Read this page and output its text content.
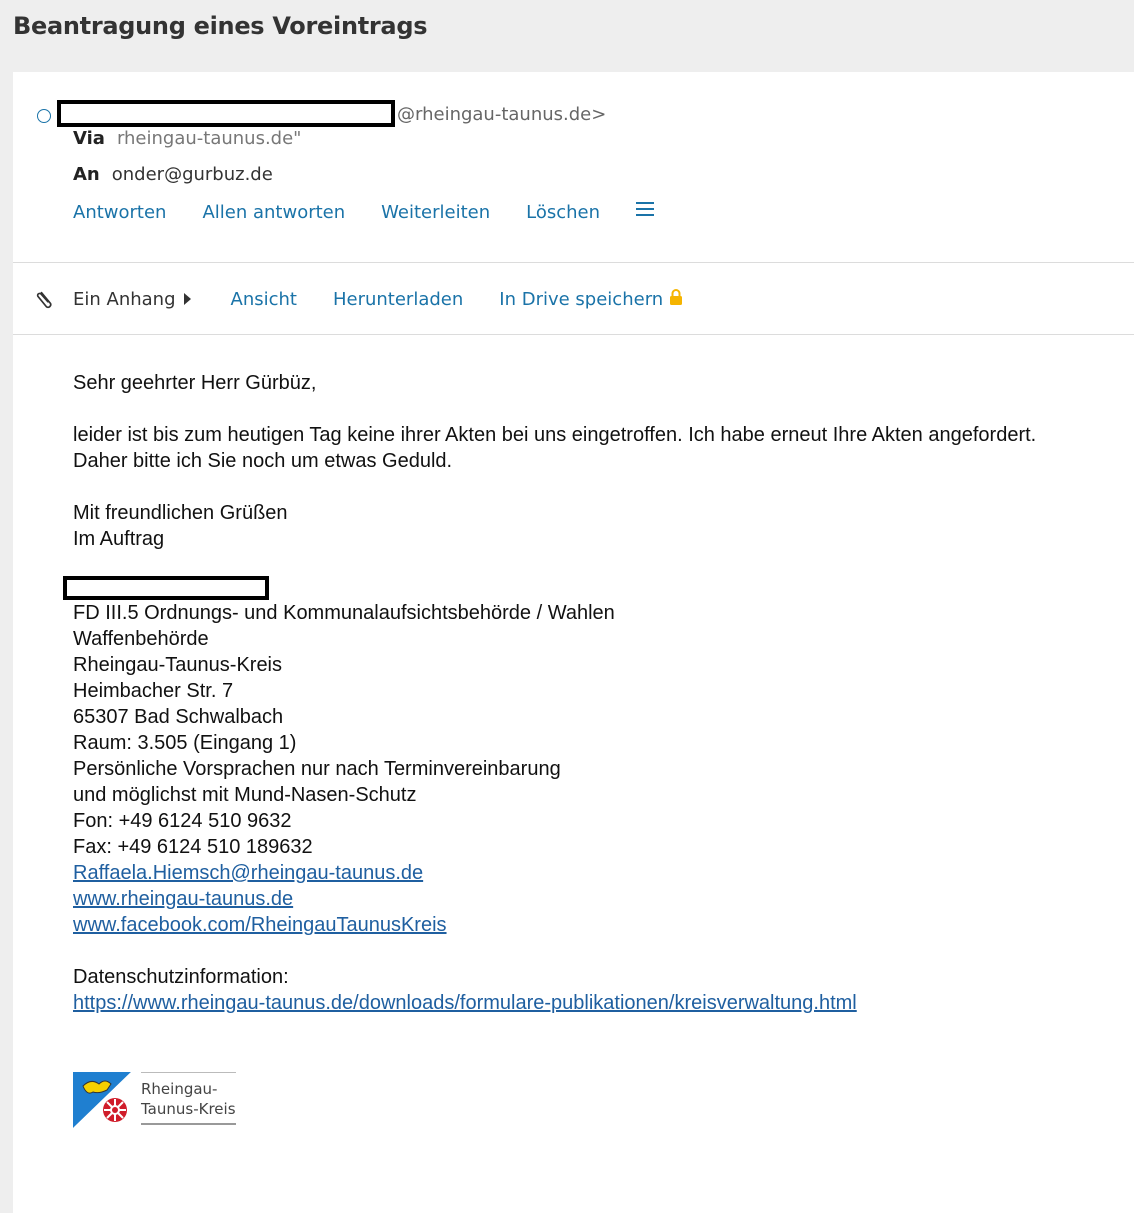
Beantragung eines Voreintrags
@rheingau-taunus.de>
Via rheingau-taunus.de"
An onder@gurbuz.de
Antworten Allen antworten Weiterleiten Löschen
Ein Anhang	Ansicht Herunterladen In Drive speichern

Sehr geehrter Herr Gürbüz,

leider ist bis zum heutigen Tag keine ihrer Akten bei uns eingetroffen. Ich habe erneut Ihre Akten angefordert.

Daher bitte ich Sie noch um etwas Geduld.

Mit freundlichen Grüßen

Im Auftrag

FD III.5 Ordnungs- und Kommunalaufsichtsbehörde / Wahlen

Waffenbehörde

Rheingau-Taunus-Kreis

Heimbacher Str. 7

65307 Bad Schwalbach

Raum: 3.505 (Eingang 1)

Persönliche Vorsprachen nur nach Terminvereinbarung

und möglichst mit Mund-Nasen-Schutz

Fon: +49 6124 510 9632

Fax: +49 6124 510 189632

Raffaela.Hiemsch@rheingau-taunus.de

www.rheingau-taunus.de

www.facebook.com/RheingauTaunusKreis

Datenschutzinformation:

https://www.rheingau-taunus.de/downloads/formulare-publikationen/kreisverwaltung.html

Rheingau-
Taunus-Kreis
